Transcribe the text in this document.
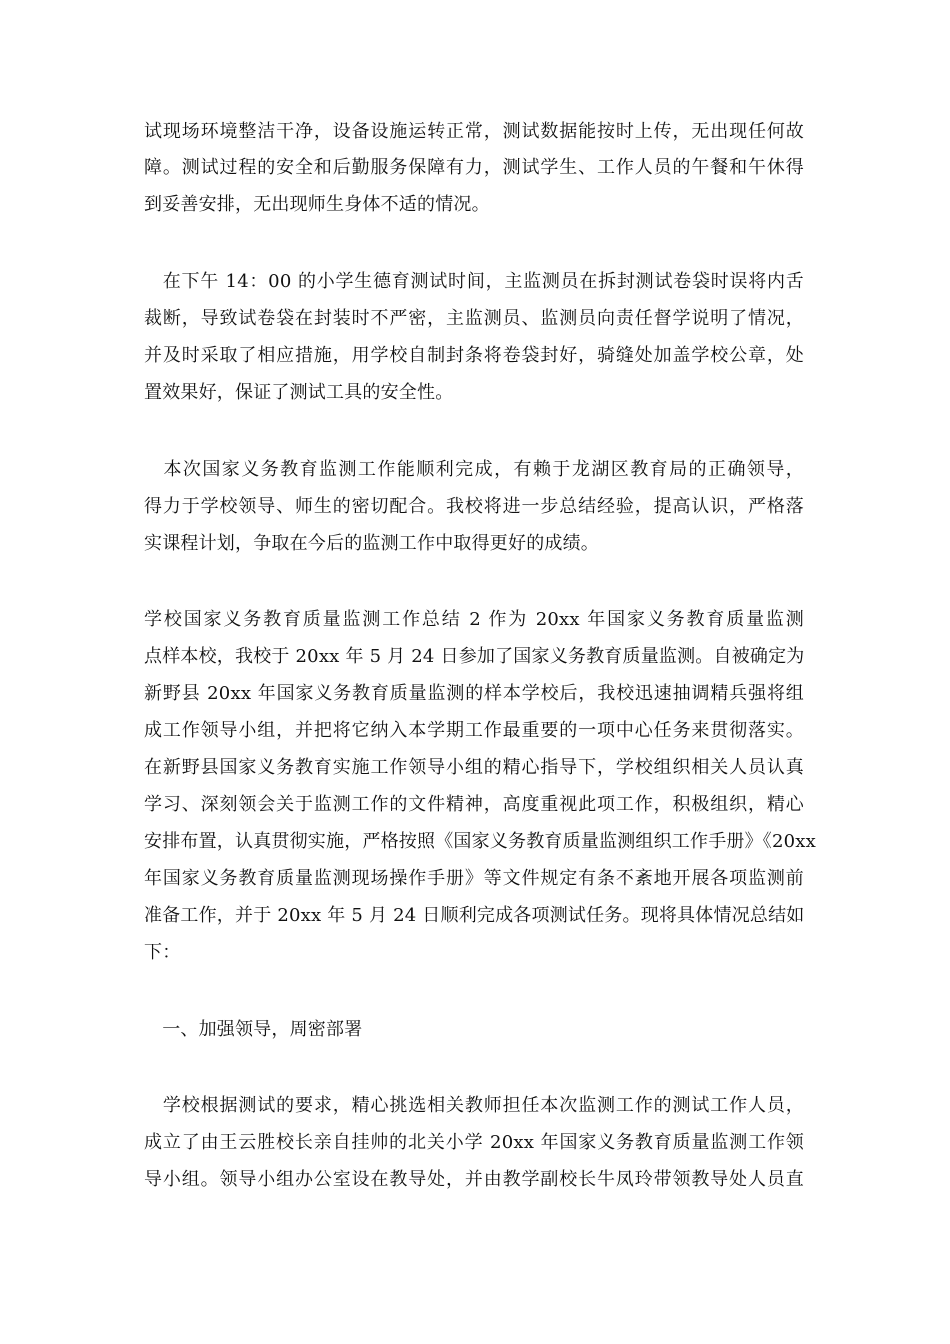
试现场环境整洁干净，设备设施运转正常，测试数据能按时上传，无出现任何故
障。测试过程的安全和后勤服务保障有力，测试学生、工作人员的午餐和午休得
到妥善安排，无出现师生身体不适的情况。
　在下午 14：00 的小学生德育测试时间，主监测员在拆封测试卷袋时误将内舌
裁断，导致试卷袋在封装时不严密，主监测员、监测员向责任督学说明了情况，
并及时采取了相应措施，用学校自制封条将卷袋封好，骑缝处加盖学校公章，处
置效果好，保证了测试工具的安全性。
　本次国家义务教育监测工作能顺利完成，有赖于龙湖区教育局的正确领导，
得力于学校领导、师生的密切配合。我校将进一步总结经验，提高认识，严格落
实课程计划，争取在今后的监测工作中取得更好的成绩。
学校国家义务教育质量监测工作总结 2 作为 20xx 年国家义务教育质量监测
点样本校，我校于 20xx 年 5 月 24 日参加了国家义务教育质量监测。自被确定为
新野县 20xx 年国家义务教育质量监测的样本学校后，我校迅速抽调精兵强将组
成工作领导小组，并把将它纳入本学期工作最重要的一项中心任务来贯彻落实。
在新野县国家义务教育实施工作领导小组的精心指导下，学校组织相关人员认真
学习、深刻领会关于监测工作的文件精神，高度重视此项工作，积极组织，精心
安排布置，认真贯彻实施，严格按照《国家义务教育质量监测组织工作手册》《20xx
年国家义务教育质量监测现场操作手册》等文件规定有条不紊地开展各项监测前
准备工作，并于 20xx 年 5 月 24 日顺利完成各项测试任务。现将具体情况总结如
下：
　一、加强领导，周密部署
　学校根据测试的要求，精心挑选相关教师担任本次监测工作的测试工作人员，
成立了由王云胜校长亲自挂帅的北关小学 20xx 年国家义务教育质量监测工作领
导小组。领导小组办公室设在教导处，并由教学副校长牛凤玲带领教导处人员直
